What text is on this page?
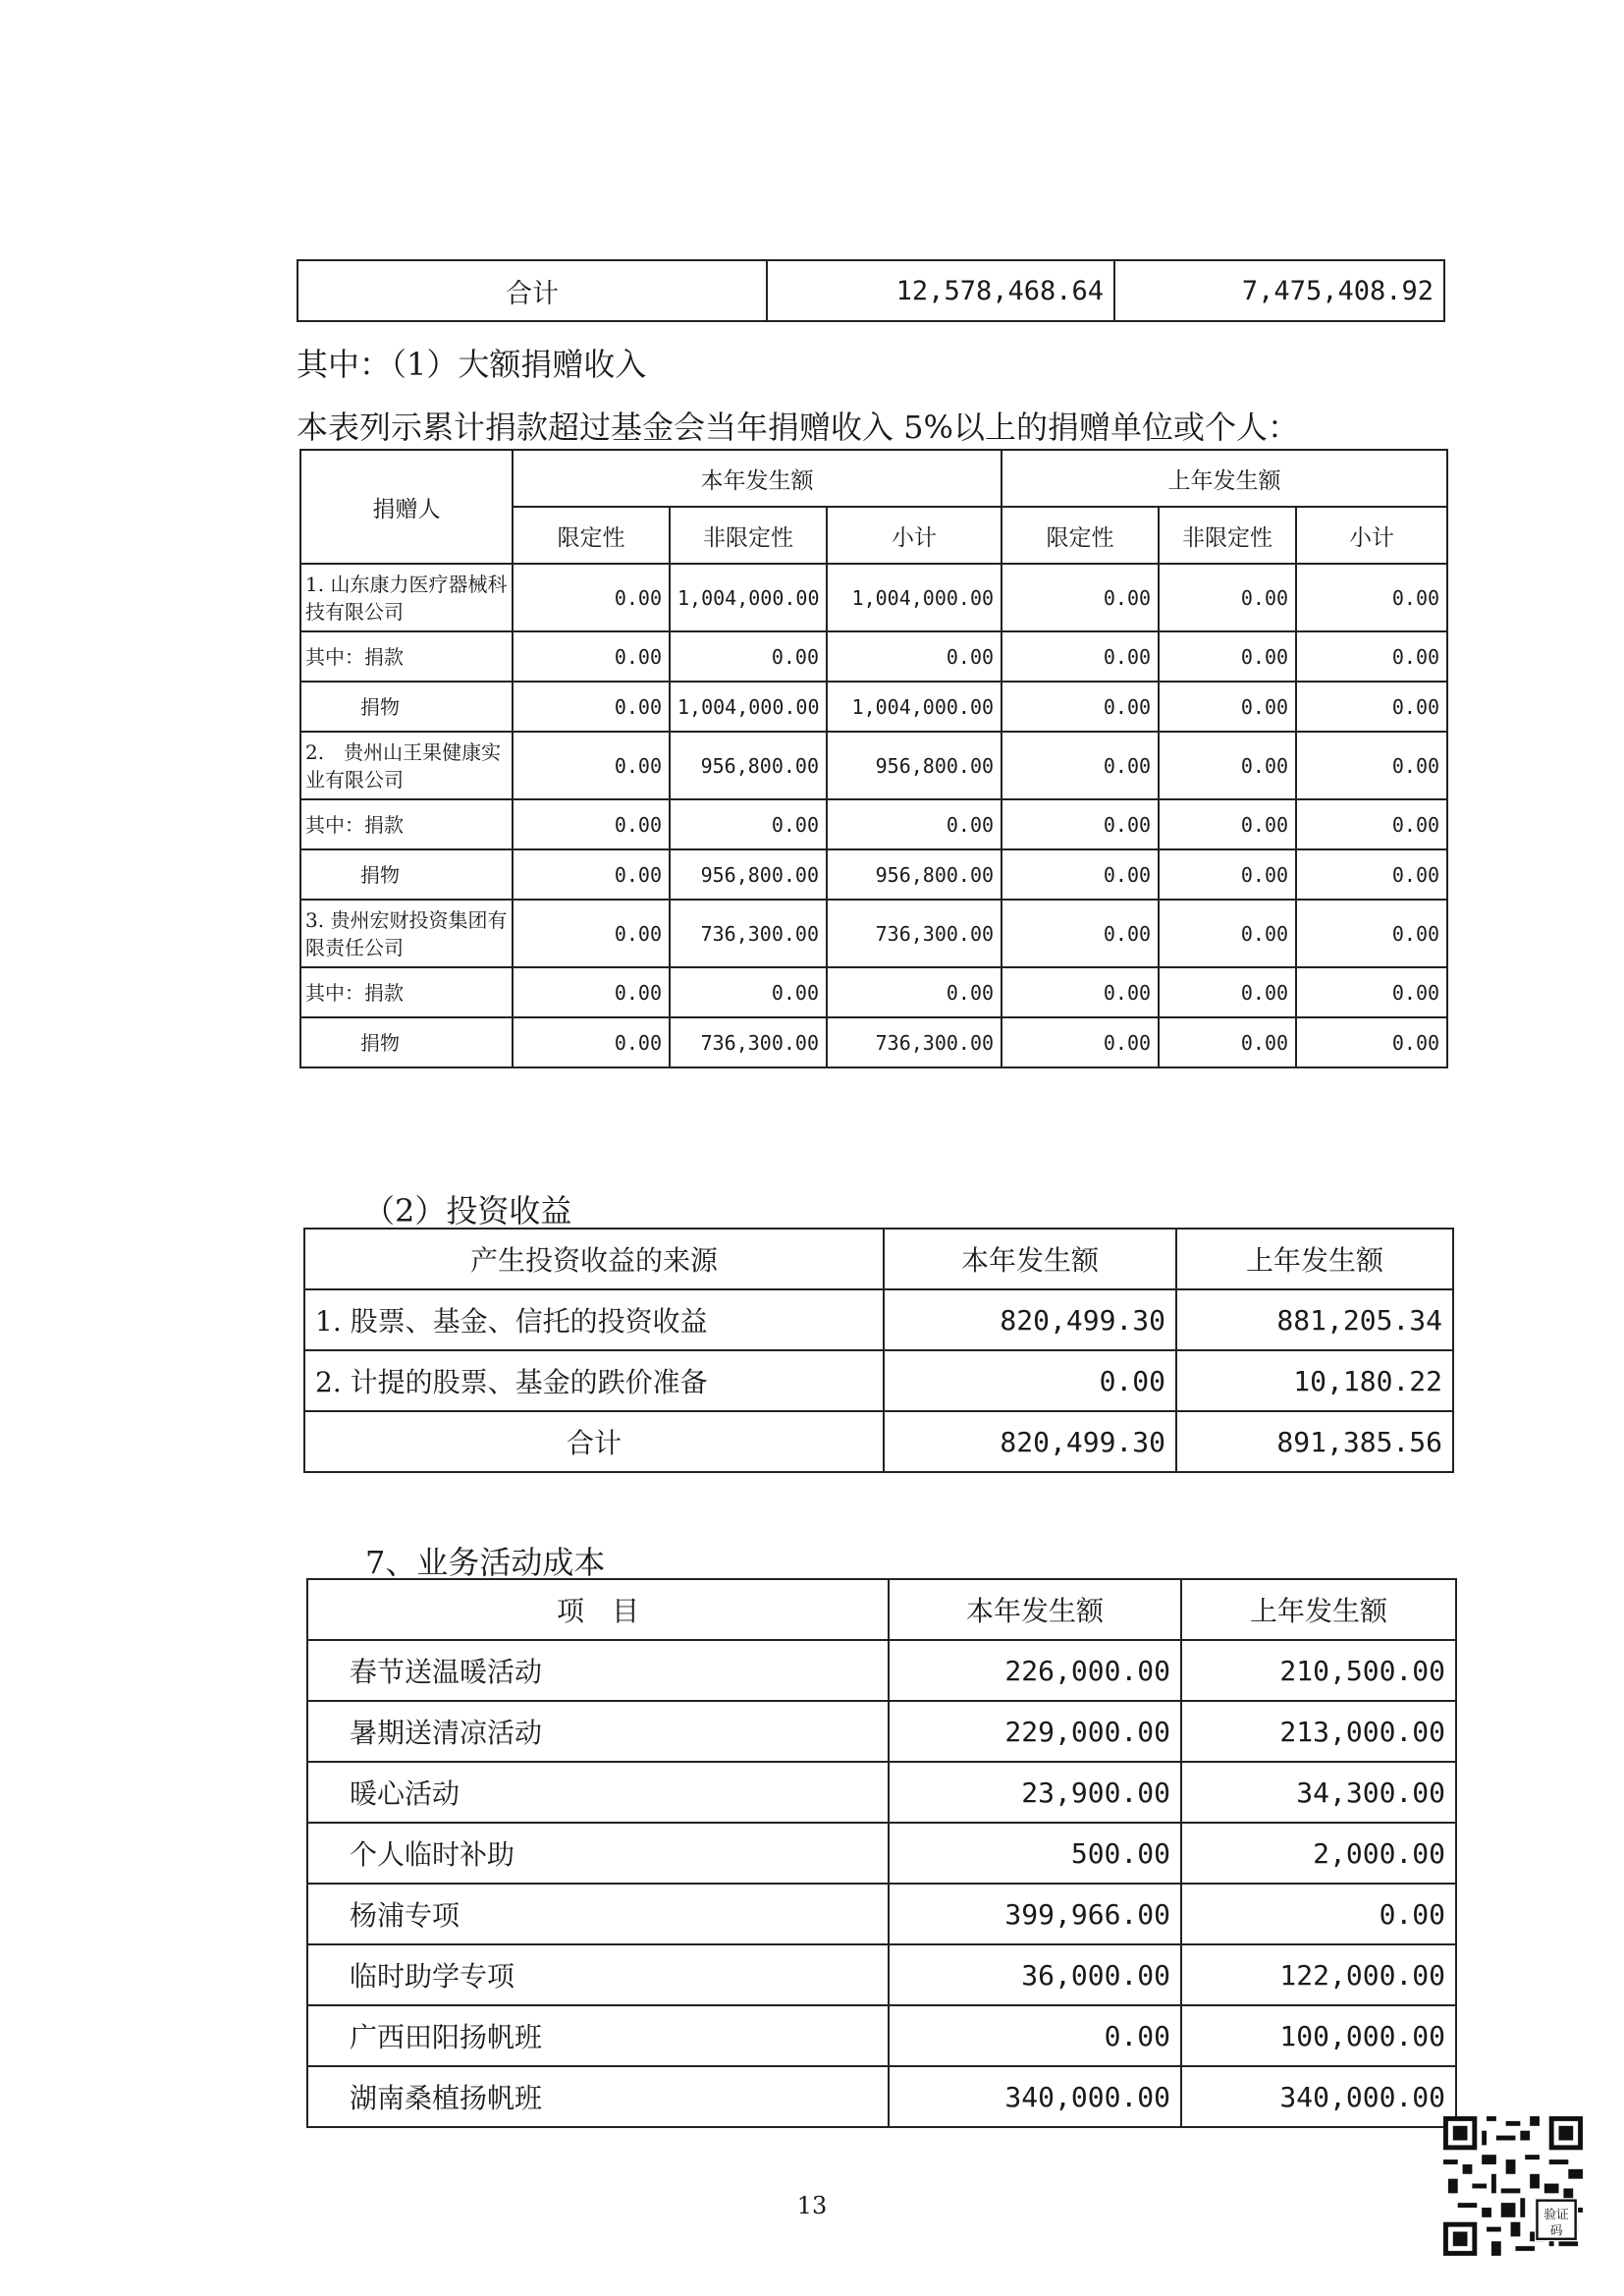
合计	12,578,468.64	7,475,408.92
其中：（1）大额捐赠收入
本表列示累计捐款超过基金会当年捐赠收入 5%以上的捐赠单位或个人：
捐赠人	本年发生额			上年发生额		
	限定性	非限定性	小计	限定性	非限定性	小计
1. 山东康力医疗器械科技有限公司	0.00	1,004,000.00	1,004,000.00	0.00	0.00	0.00
其中：捐款	0.00	0.00	0.00	0.00	0.00	0.00
捐物	0.00	1,004,000.00	1,004,000.00	0.00	0.00	0.00
2.　贵州山王果健康实业有限公司	0.00	956,800.00	956,800.00	0.00	0.00	0.00
其中：捐款	0.00	0.00	0.00	0.00	0.00	0.00
捐物	0.00	956,800.00	956,800.00	0.00	0.00	0.00
3. 贵州宏财投资集团有限责任公司	0.00	736,300.00	736,300.00	0.00	0.00	0.00
其中：捐款	0.00	0.00	0.00	0.00	0.00	0.00
捐物	0.00	736,300.00	736,300.00	0.00	0.00	0.00
（2）投资收益
产生投资收益的来源	本年发生额	上年发生额
1. 股票、基金、信托的投资收益	820,499.30	881,205.34
2. 计提的股票、基金的跌价准备	0.00	10,180.22
合计	820,499.30	891,385.56
7、业务活动成本
项　目	本年发生额	上年发生额
春节送温暖活动	226,000.00	210,500.00
暑期送清凉活动	229,000.00	213,000.00
暖心活动	23,900.00	34,300.00
个人临时补助	500.00	2,000.00
杨浦专项	399,966.00	0.00
临时助学专项	36,000.00	122,000.00
广西田阳扬帆班	0.00	100,000.00
湖南桑植扬帆班	340,000.00	340,000.00
13	验证
码
